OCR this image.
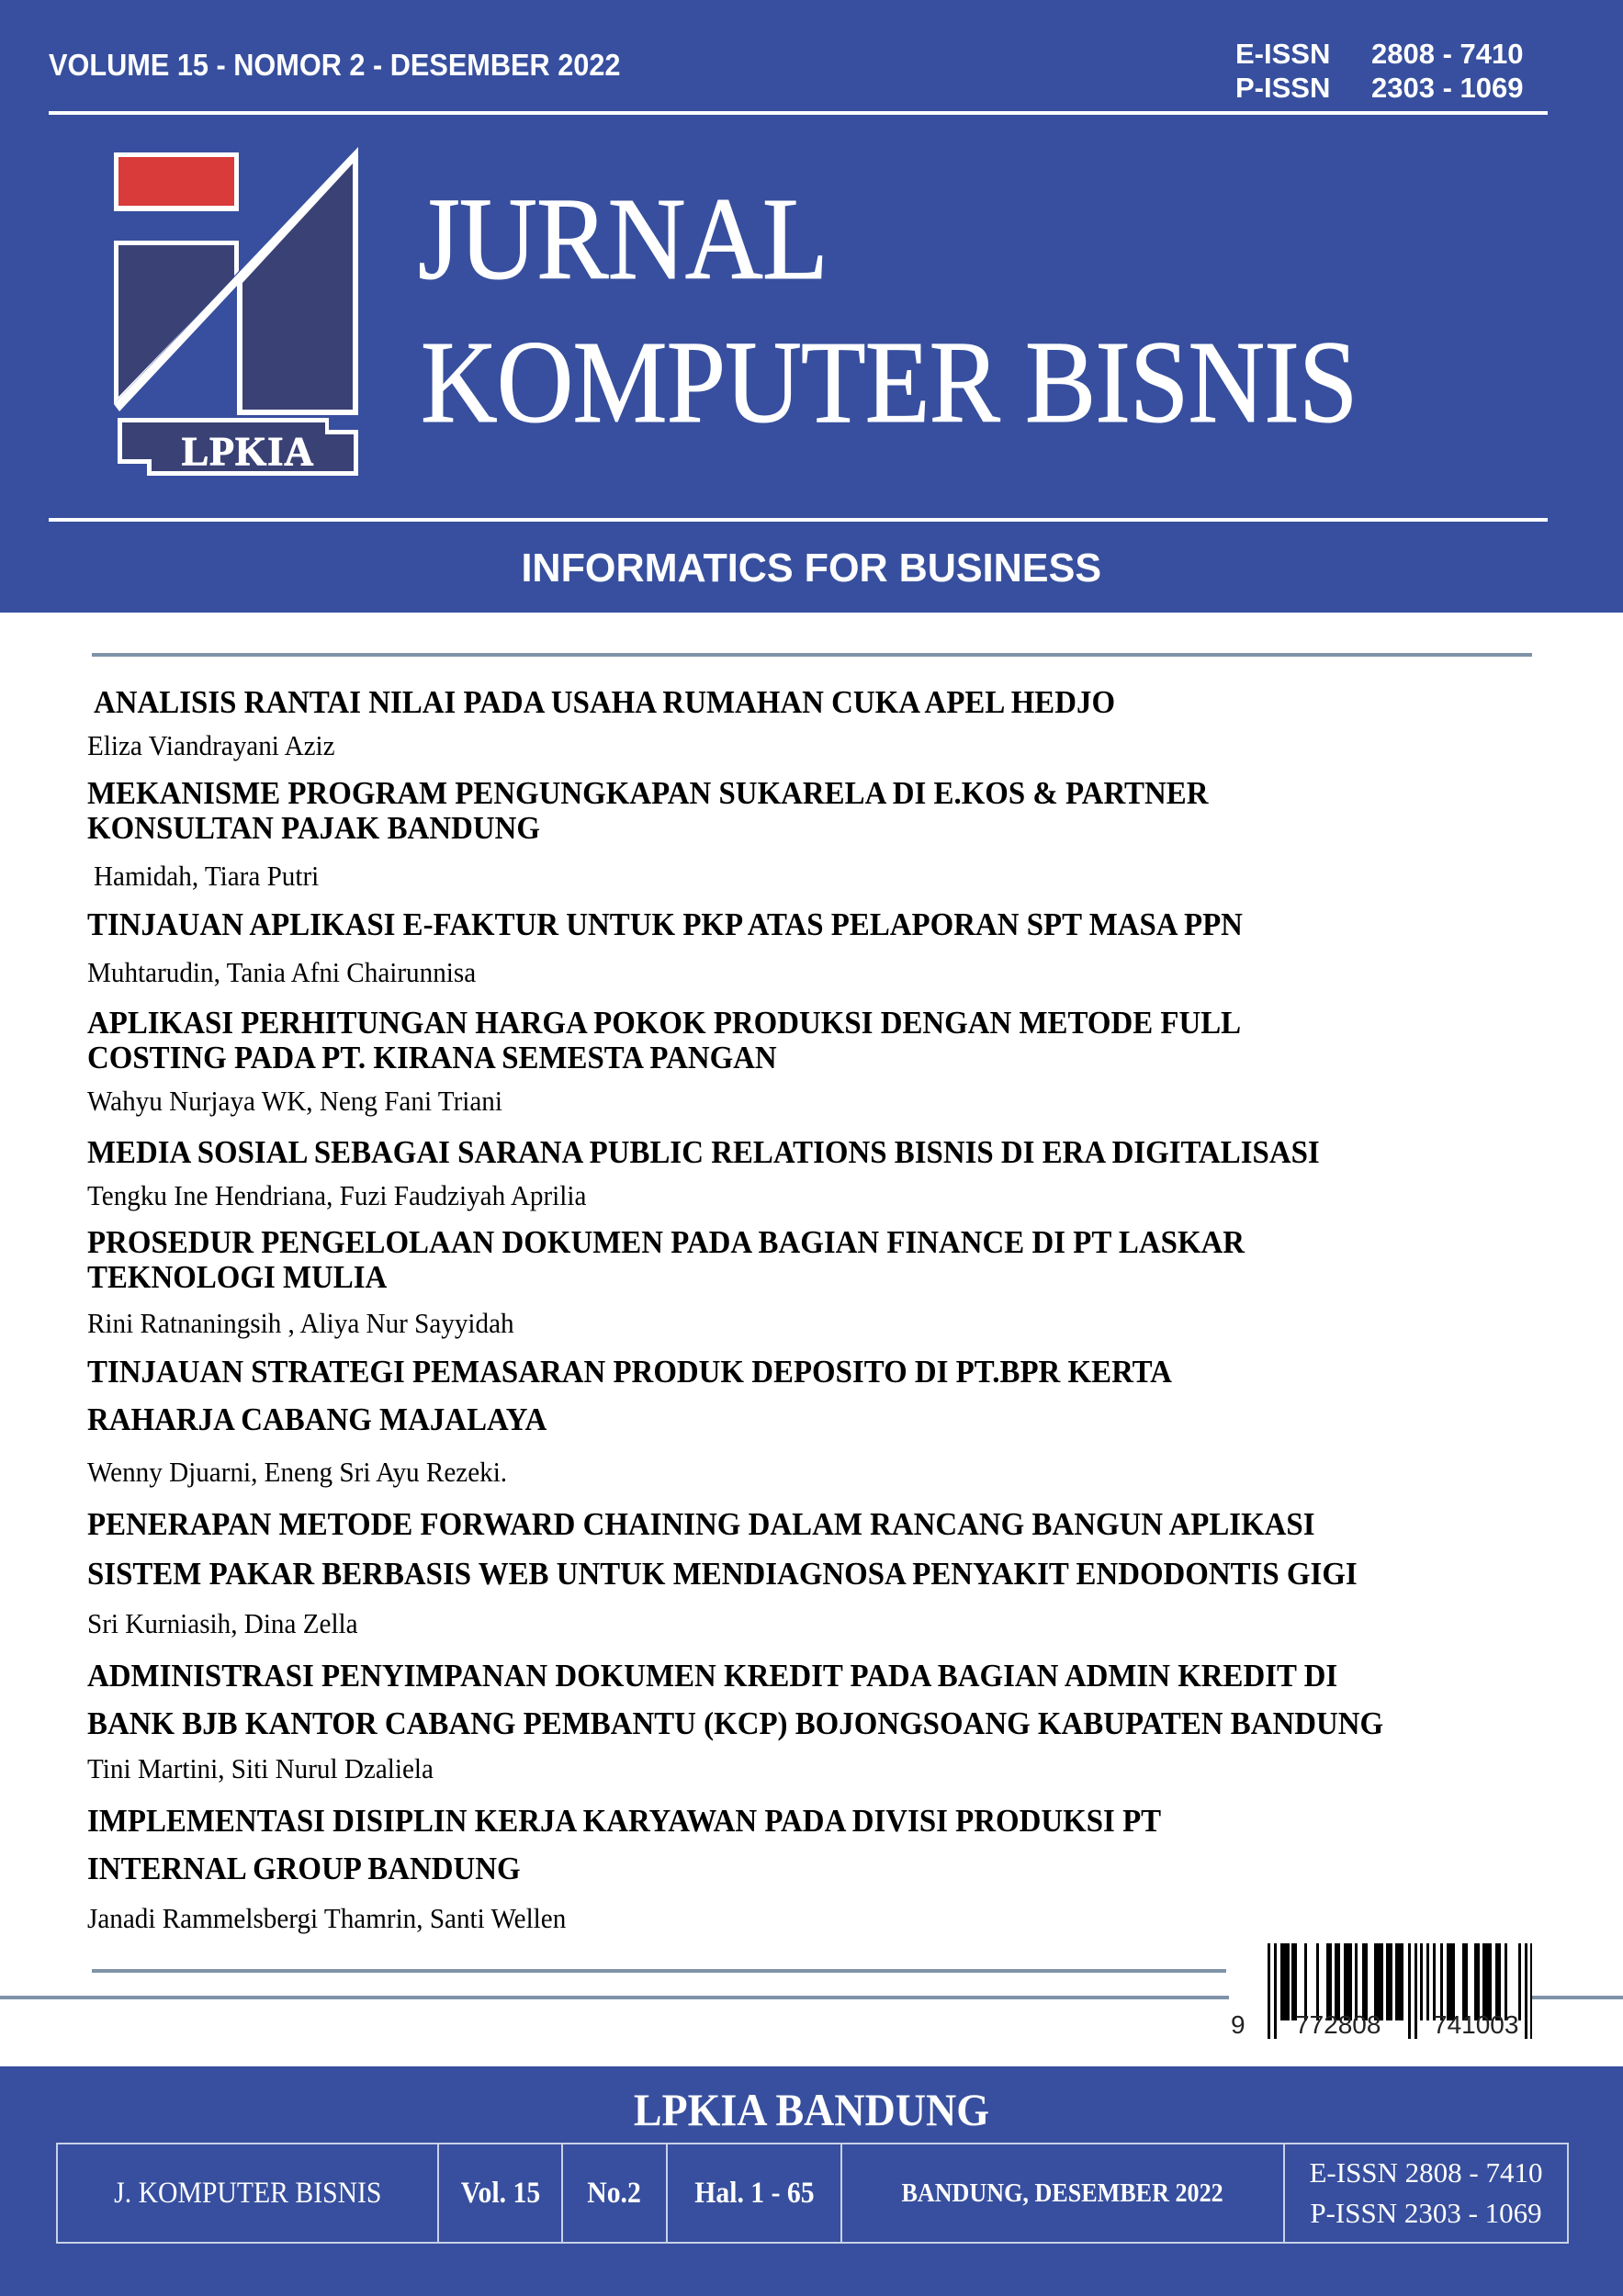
VOLUME 15 - NOMOR 2 - DESEMBER 2022	E-ISSN	2808 - 7410
P-ISSN	2303 - 1069
LPKIA
JURNAL
KOMPUTER BISNIS
INFORMATICS FOR BUSINESS
ANALISIS RANTAI NILAI PADA USAHA RUMAHAN CUKA APEL HEDJO
Eliza Viandrayani Aziz
MEKANISME PROGRAM PENGUNGKAPAN SUKARELA DI E.KOS & PARTNER
KONSULTAN PAJAK BANDUNG
Hamidah, Tiara Putri
TINJAUAN APLIKASI E-FAKTUR UNTUK PKP ATAS PELAPORAN SPT MASA PPN
Muhtarudin, Tania Afni Chairunnisa
APLIKASI PERHITUNGAN HARGA POKOK PRODUKSI DENGAN METODE FULL
COSTING PADA PT. KIRANA SEMESTA PANGAN
Wahyu Nurjaya WK, Neng Fani Triani
MEDIA SOSIAL SEBAGAI SARANA PUBLIC RELATIONS BISNIS DI ERA DIGITALISASI
Tengku Ine Hendriana, Fuzi Faudziyah Aprilia
PROSEDUR PENGELOLAAN DOKUMEN PADA BAGIAN FINANCE DI PT LASKAR
TEKNOLOGI MULIA
Rini Ratnaningsih , Aliya Nur Sayyidah
TINJAUAN STRATEGI PEMASARAN PRODUK DEPOSITO DI PT.BPR KERTA
RAHARJA CABANG MAJALAYA
Wenny Djuarni, Eneng Sri Ayu Rezeki.
PENERAPAN METODE FORWARD CHAINING DALAM RANCANG BANGUN APLIKASI
SISTEM PAKAR BERBASIS WEB UNTUK MENDIAGNOSA PENYAKIT ENDODONTIS GIGI
Sri Kurniasih, Dina Zella
ADMINISTRASI PENYIMPANAN DOKUMEN KREDIT PADA BAGIAN ADMIN KREDIT DI
BANK BJB KANTOR CABANG PEMBANTU (KCP) BOJONGSOANG KABUPATEN BANDUNG
Tini Martini, Siti Nurul Dzaliela
IMPLEMENTASI DISIPLIN KERJA KARYAWAN PADA DIVISI PRODUKSI PT
INTERNAL GROUP BANDUNG
Janadi Rammelsbergi Thamrin, Santi Wellen
9 772808 741003
LPKIA BANDUNG
J. KOMPUTER BISNIS	Vol. 15 No.2 Hal. 1 - 65	BANDUNG, DESEMBER 2022
E-ISSN 2808 - 7410
P-ISSN 2303 - 1069
